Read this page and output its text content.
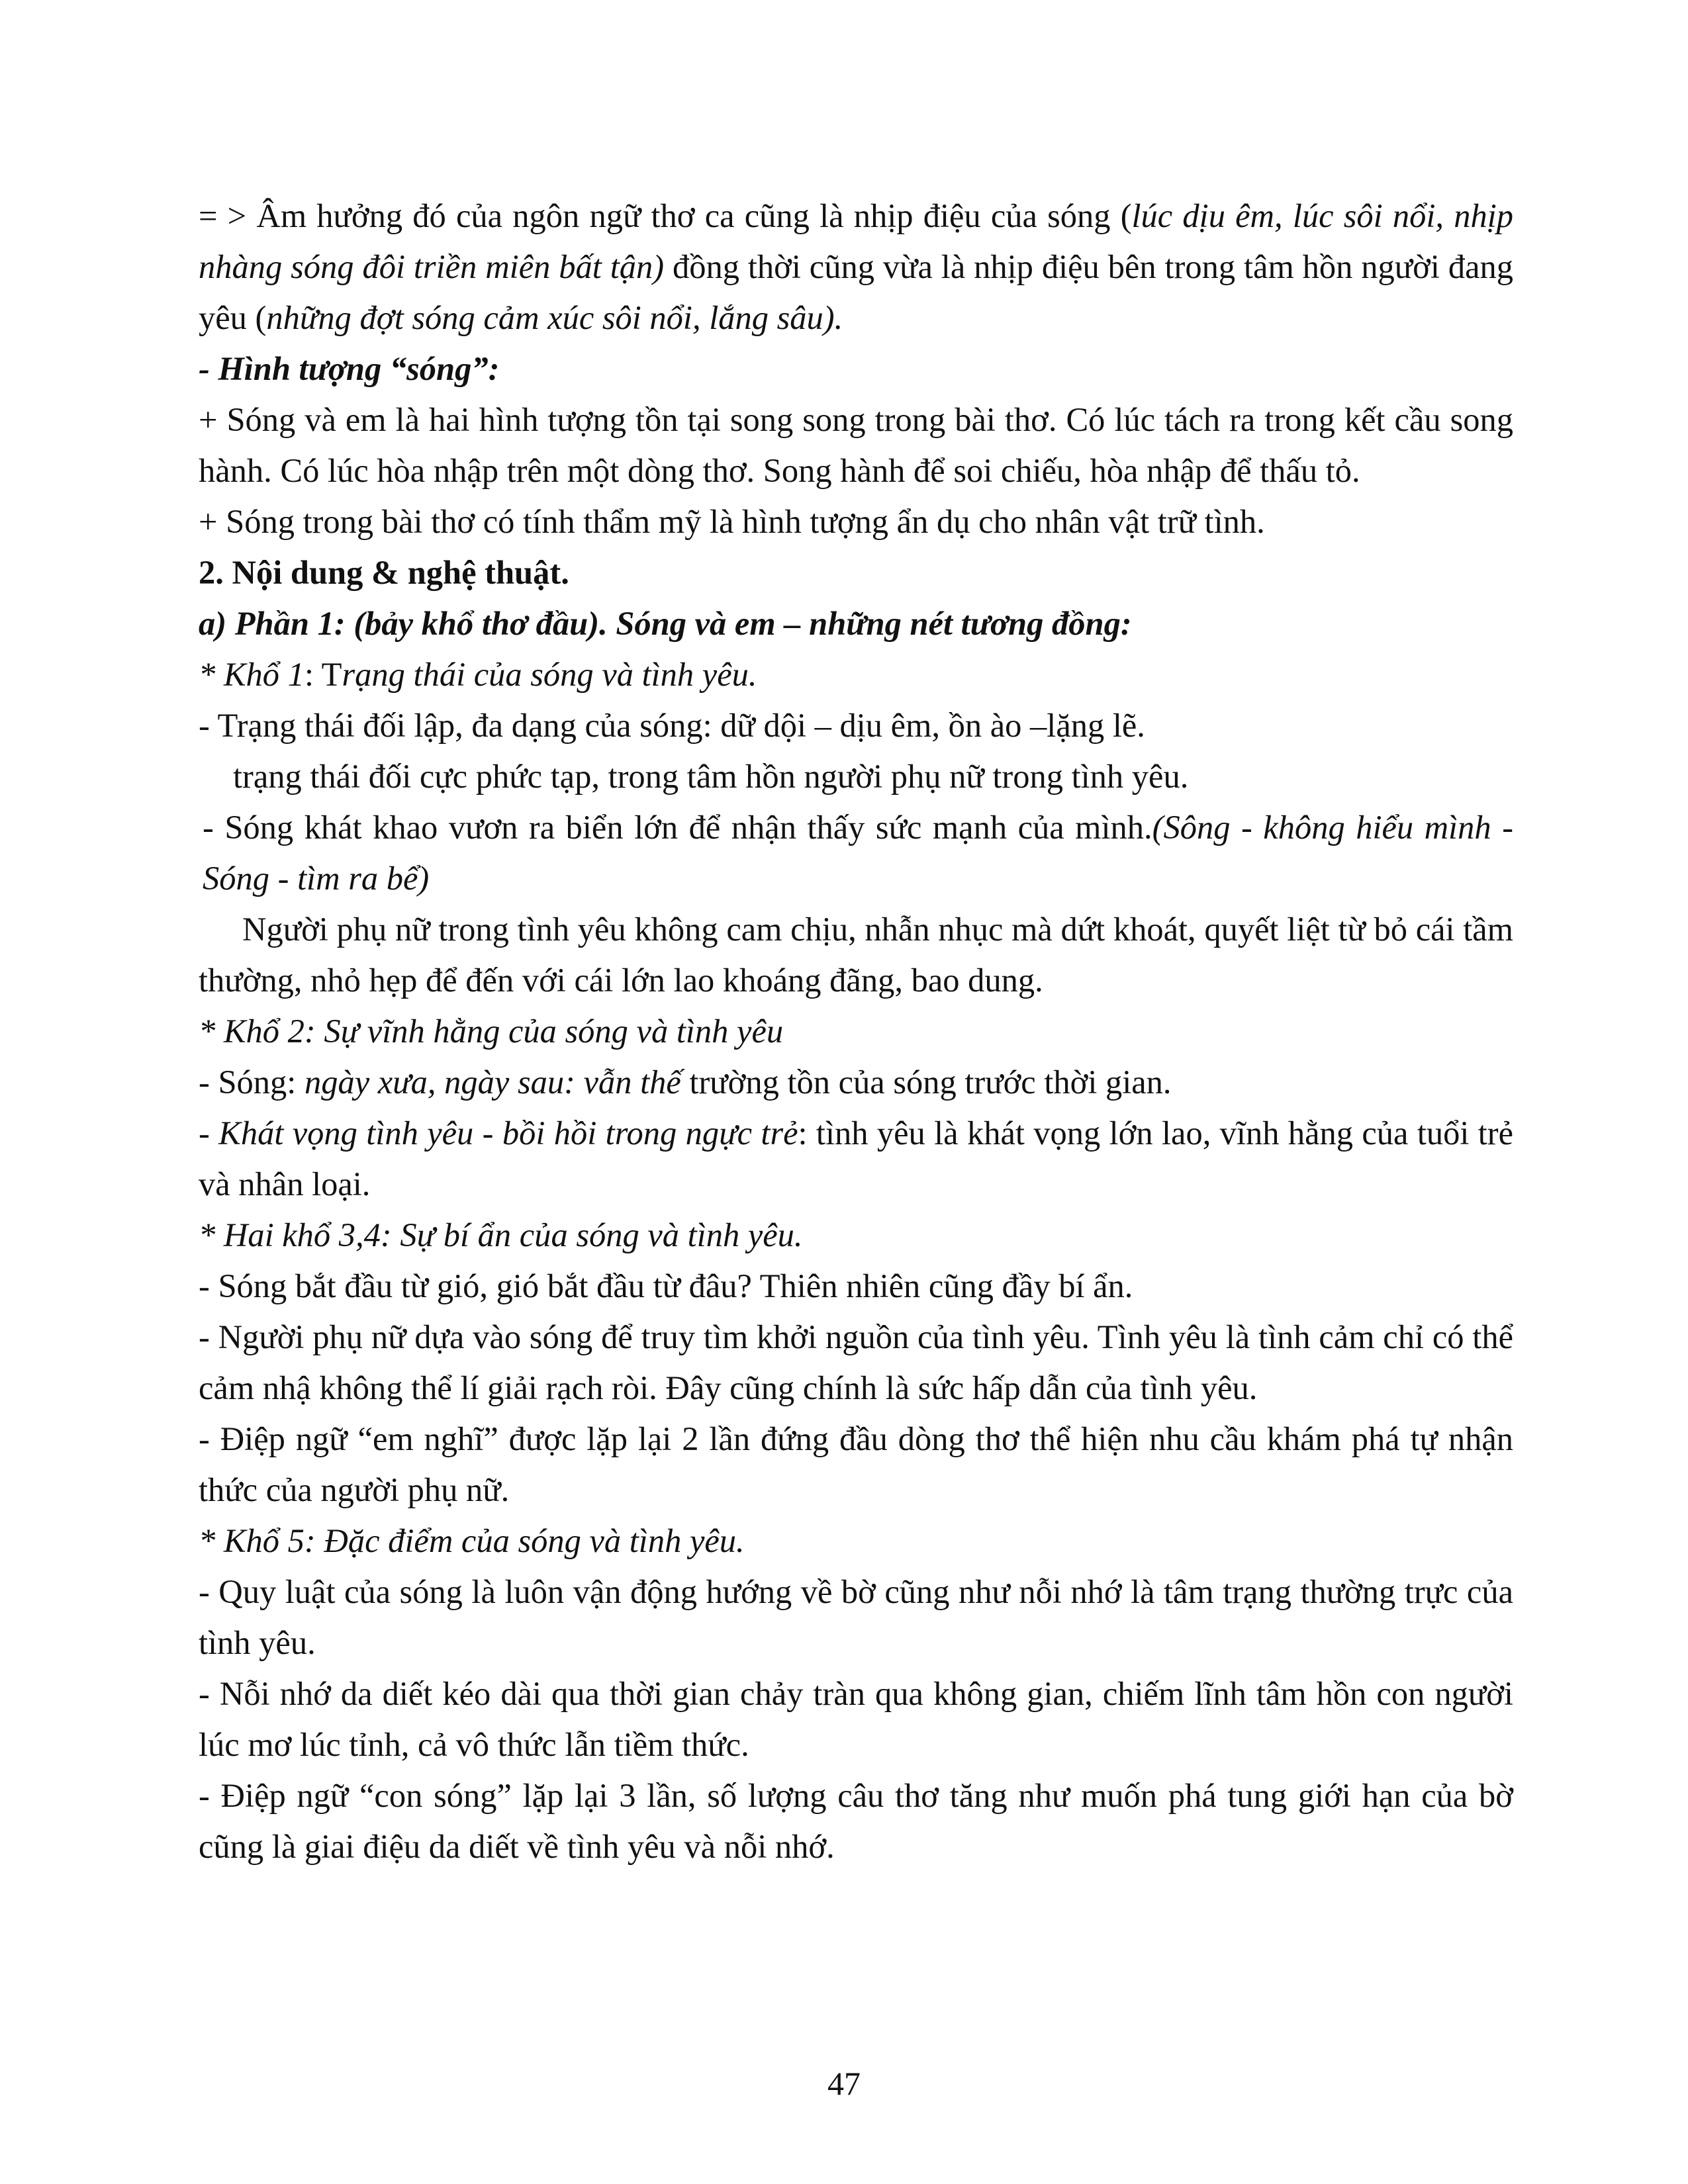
= > Âm hưởng đó của ngôn ngữ thơ ca cũng là nhịp điệu của sóng (lúc dịu êm, lúc sôi nổi, nhịp nhàng sóng đôi triền miên bất tận) đồng thời cũng vừa là nhịp điệu bên trong tâm hồn người đang yêu (những đợt sóng cảm xúc sôi nổi, lắng sâu).

- Hình tượng “sóng”:

+ Sóng và em là hai hình tượng tồn tại song song trong bài thơ. Có lúc tách ra trong kết cầu song hành. Có lúc hòa nhập trên một dòng thơ. Song hành để soi chiếu, hòa nhập để thấu tỏ.

+ Sóng trong bài thơ có tính thẩm mỹ là hình tượng ẩn dụ cho nhân vật trữ tình.

2. Nội dung & nghệ thuật.

a) Phần 1: (bảy khổ thơ đầu). Sóng và em – những nét tương đồng:

* Khổ 1: Trạng thái của sóng và tình yêu.

- Trạng thái đối lập, đa dạng của sóng: dữ dội – dịu êm, ồn ào –lặng lẽ.

trạng thái đối cực phức tạp, trong tâm hồn người phụ nữ trong tình yêu.

- Sóng khát khao vươn ra biển lớn để nhận thấy sức mạnh của mình.(Sông - không hiểu mình - Sóng - tìm ra bể)

Người phụ nữ trong tình yêu không cam chịu, nhẫn nhục mà dứt khoát, quyết liệt từ bỏ cái tầm thường, nhỏ hẹp để đến với cái lớn lao khoáng đãng, bao dung.

* Khổ 2: Sự vĩnh hằng của sóng và tình yêu

- Sóng: ngày xưa, ngày sau: vẫn thế trường tồn của sóng trước thời gian.

- Khát vọng tình yêu - bồi hồi trong ngực trẻ: tình yêu là khát vọng lớn lao, vĩnh hằng của tuổi trẻ và nhân loại.

* Hai khổ 3,4: Sự bí ẩn của sóng và tình yêu.

- Sóng bắt đầu từ gió, gió bắt đầu từ đâu? Thiên nhiên cũng đầy bí ẩn.

- Người phụ nữ dựa vào sóng để truy tìm khởi nguồn của tình yêu. Tình yêu là tình cảm chỉ có thể cảm nhậ không thể lí giải rạch ròi. Đây cũng chính là sức hấp dẫn của tình yêu.

- Điệp ngữ “em nghĩ” được lặp lại 2 lần đứng đầu dòng thơ thể hiện nhu cầu khám phá tự nhận thức của người phụ nữ.

* Khổ 5: Đặc điểm của sóng và tình yêu.

- Quy luật của sóng là luôn vận động hướng về bờ cũng như nỗi nhớ là tâm trạng thường trực của tình yêu.

- Nỗi nhớ da diết kéo dài qua thời gian chảy tràn qua không gian, chiếm lĩnh tâm hồn con người lúc mơ lúc tỉnh, cả vô thức lẫn tiềm thức.

- Điệp ngữ “con sóng” lặp lại 3 lần, số lượng câu thơ tăng như muốn phá tung giới hạn của bờ cũng là giai điệu da diết về tình yêu và nỗi nhớ.

47
